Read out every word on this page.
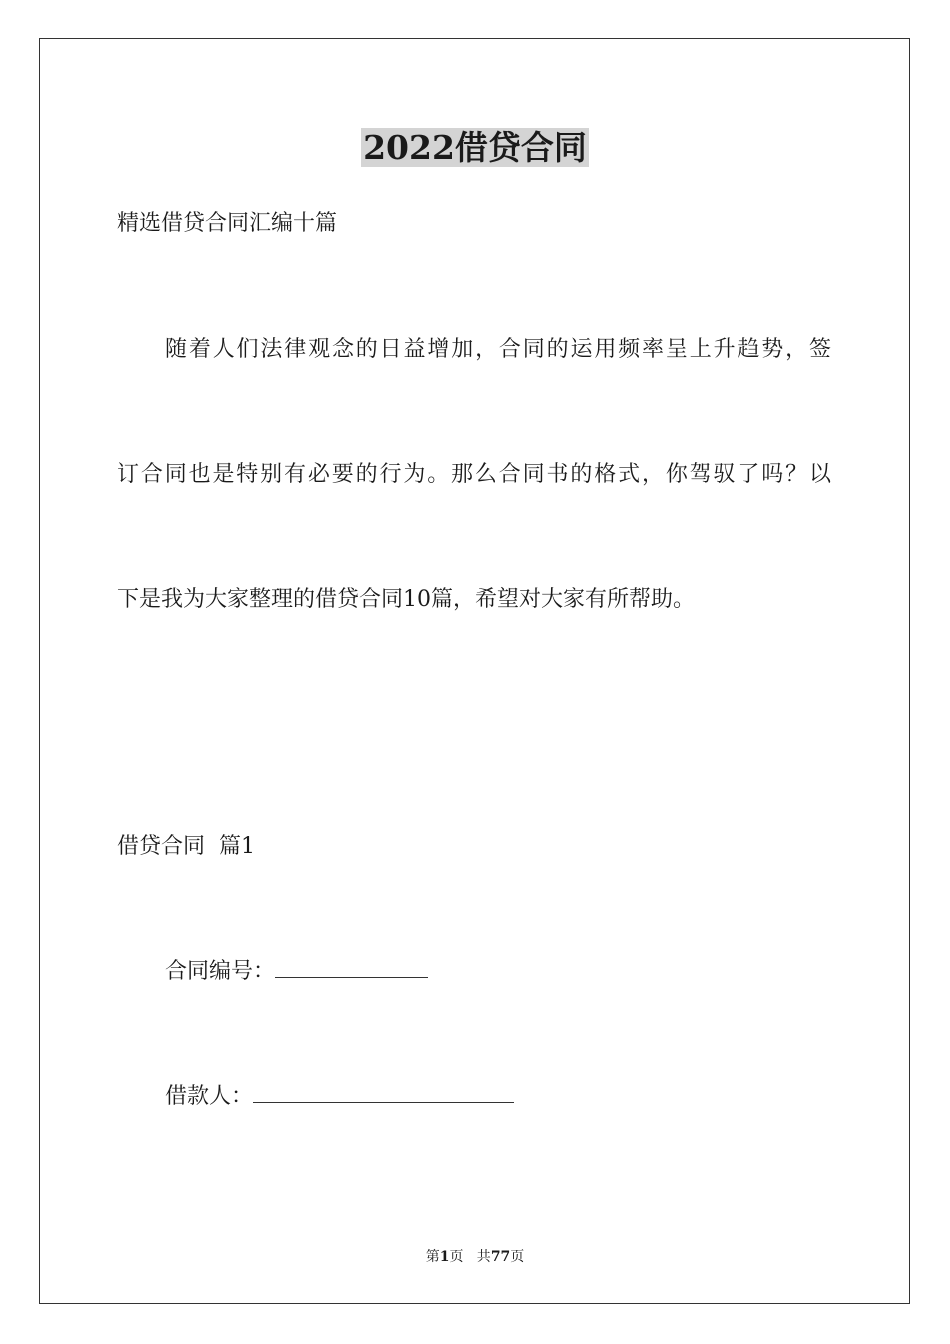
2022借贷合同
精选借贷合同汇编十篇
随着人们法律观念的日益增加，合同的运用频率呈上升趋势，签
订合同也是特别有必要的行为。那么合同书的格式，你驾驭了吗？以
下是我为大家整理的借贷合同10篇，希望对大家有所帮助。
借贷合同  篇1
合同编号：
借款人：
第1页   共77页
